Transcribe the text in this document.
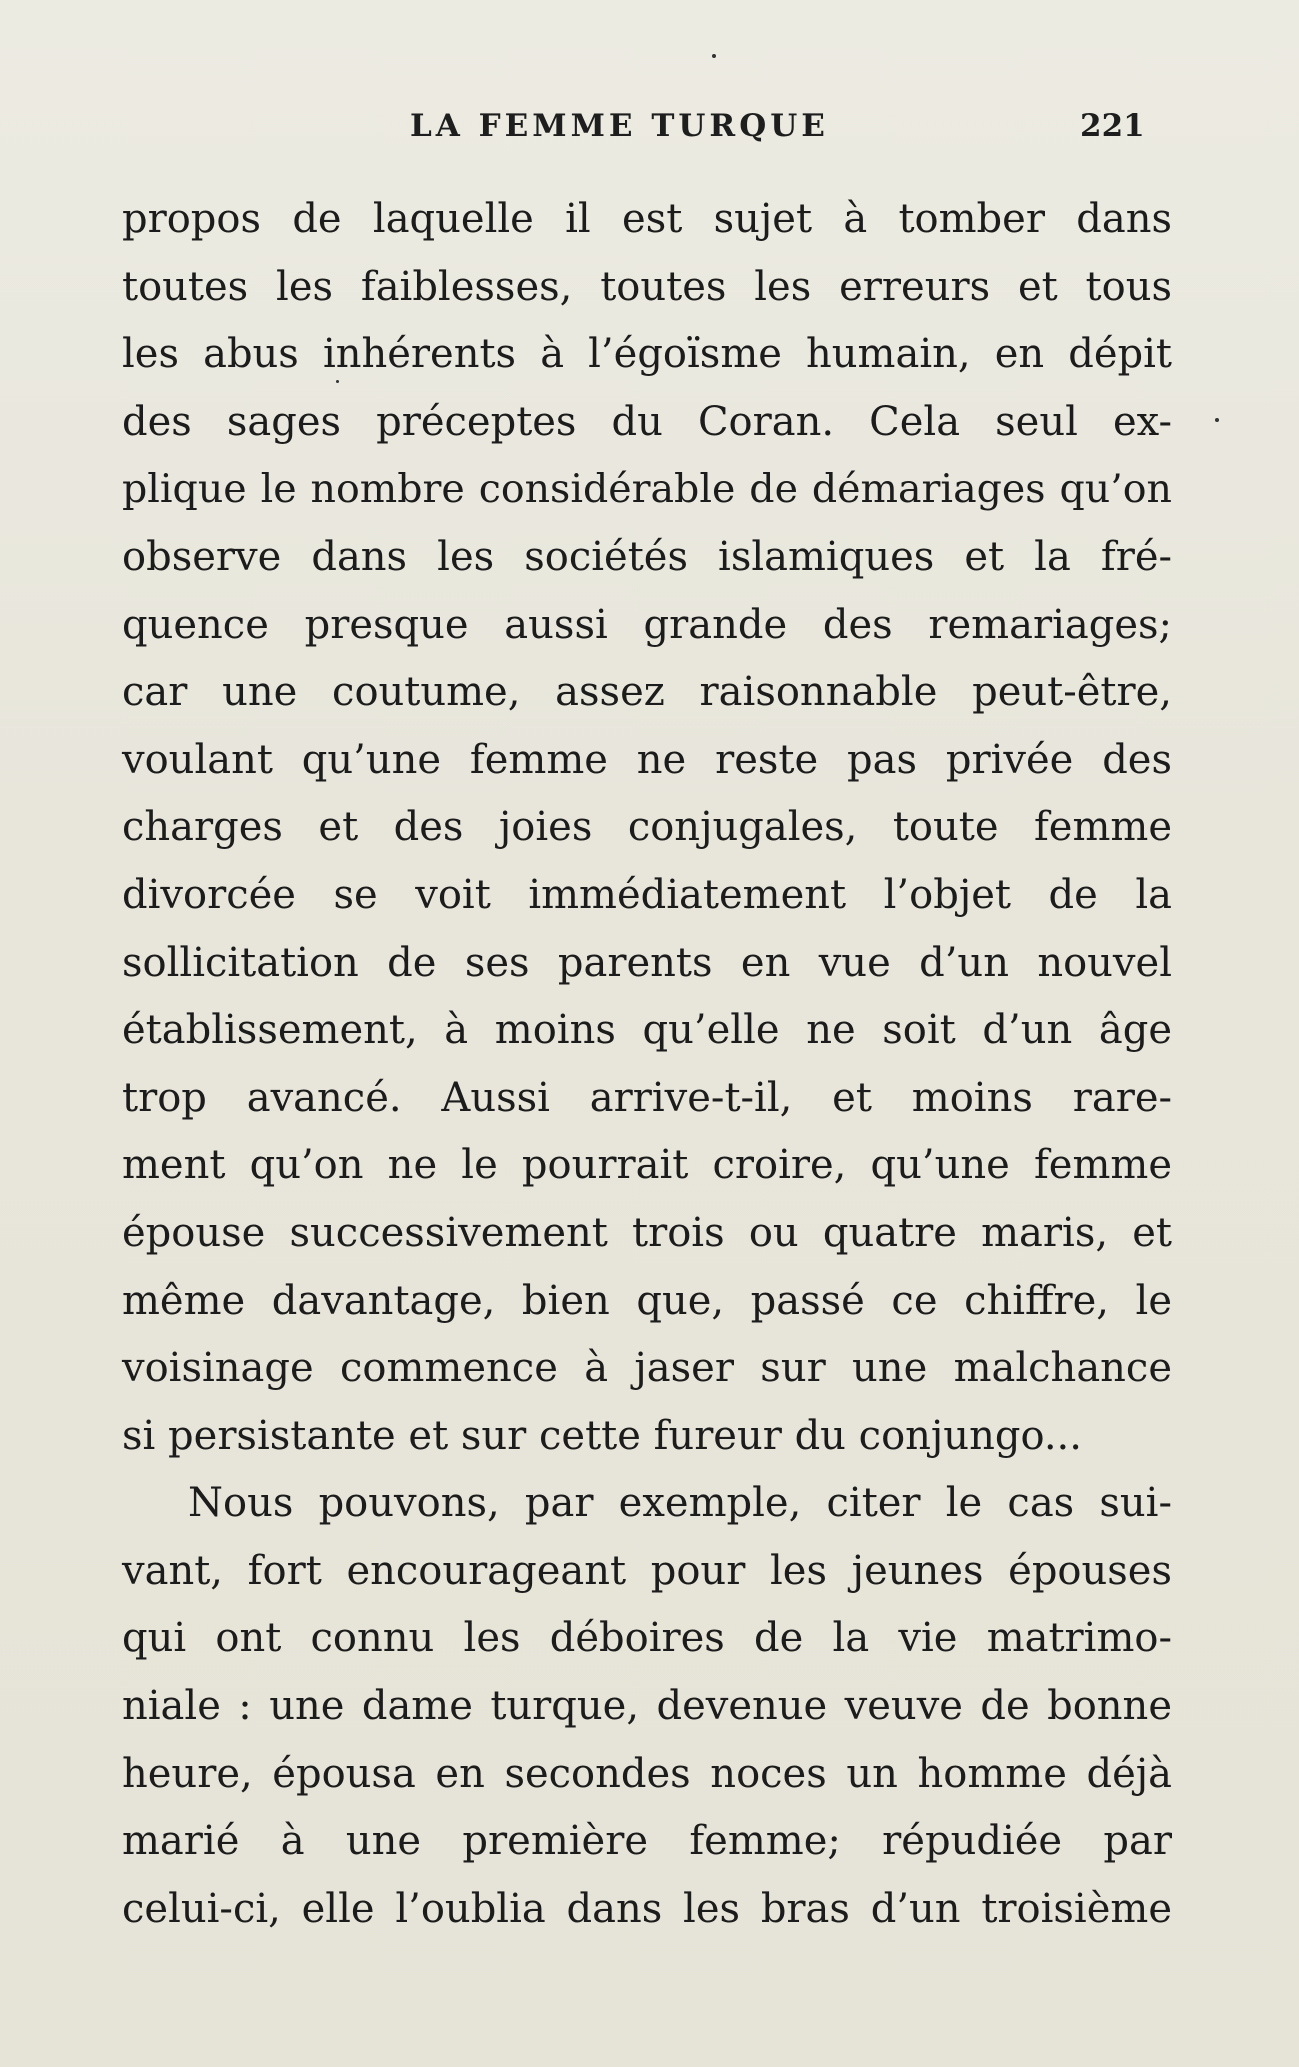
LA FEMME TURQUE	221
propos de laquelle il est sujet à tomber dans
toutes les faiblesses, toutes les erreurs et tous
les abus inhérents à l’égoïsme humain, en dépit
des sages préceptes du Coran. Cela seul ex-
plique le nombre considérable de démariages qu’on
observe dans les sociétés islamiques et la fré-
quence presque aussi grande des remariages;
car une coutume, assez raisonnable peut-être,
voulant qu’une femme ne reste pas privée des
charges et des joies conjugales, toute femme
divorcée se voit immédiatement l’objet de la
sollicitation de ses parents en vue d’un nouvel
établissement, à moins qu’elle ne soit d’un âge
trop avancé. Aussi arrive-t-il, et moins rare-
ment qu’on ne le pourrait croire, qu’une femme
épouse successivement trois ou quatre maris, et
même davantage, bien que, passé ce chiffre, le
voisinage commence à jaser sur une malchance
si persistante et sur cette fureur du conjungo...
Nous pouvons, par exemple, citer le cas sui-
vant, fort encourageant pour les jeunes épouses
qui ont connu les déboires de la vie matrimo-
niale : une dame turque, devenue veuve de bonne
heure, épousa en secondes noces un homme déjà
marié à une première femme; répudiée par
celui-ci, elle l’oublia dans les bras d’un troisième
